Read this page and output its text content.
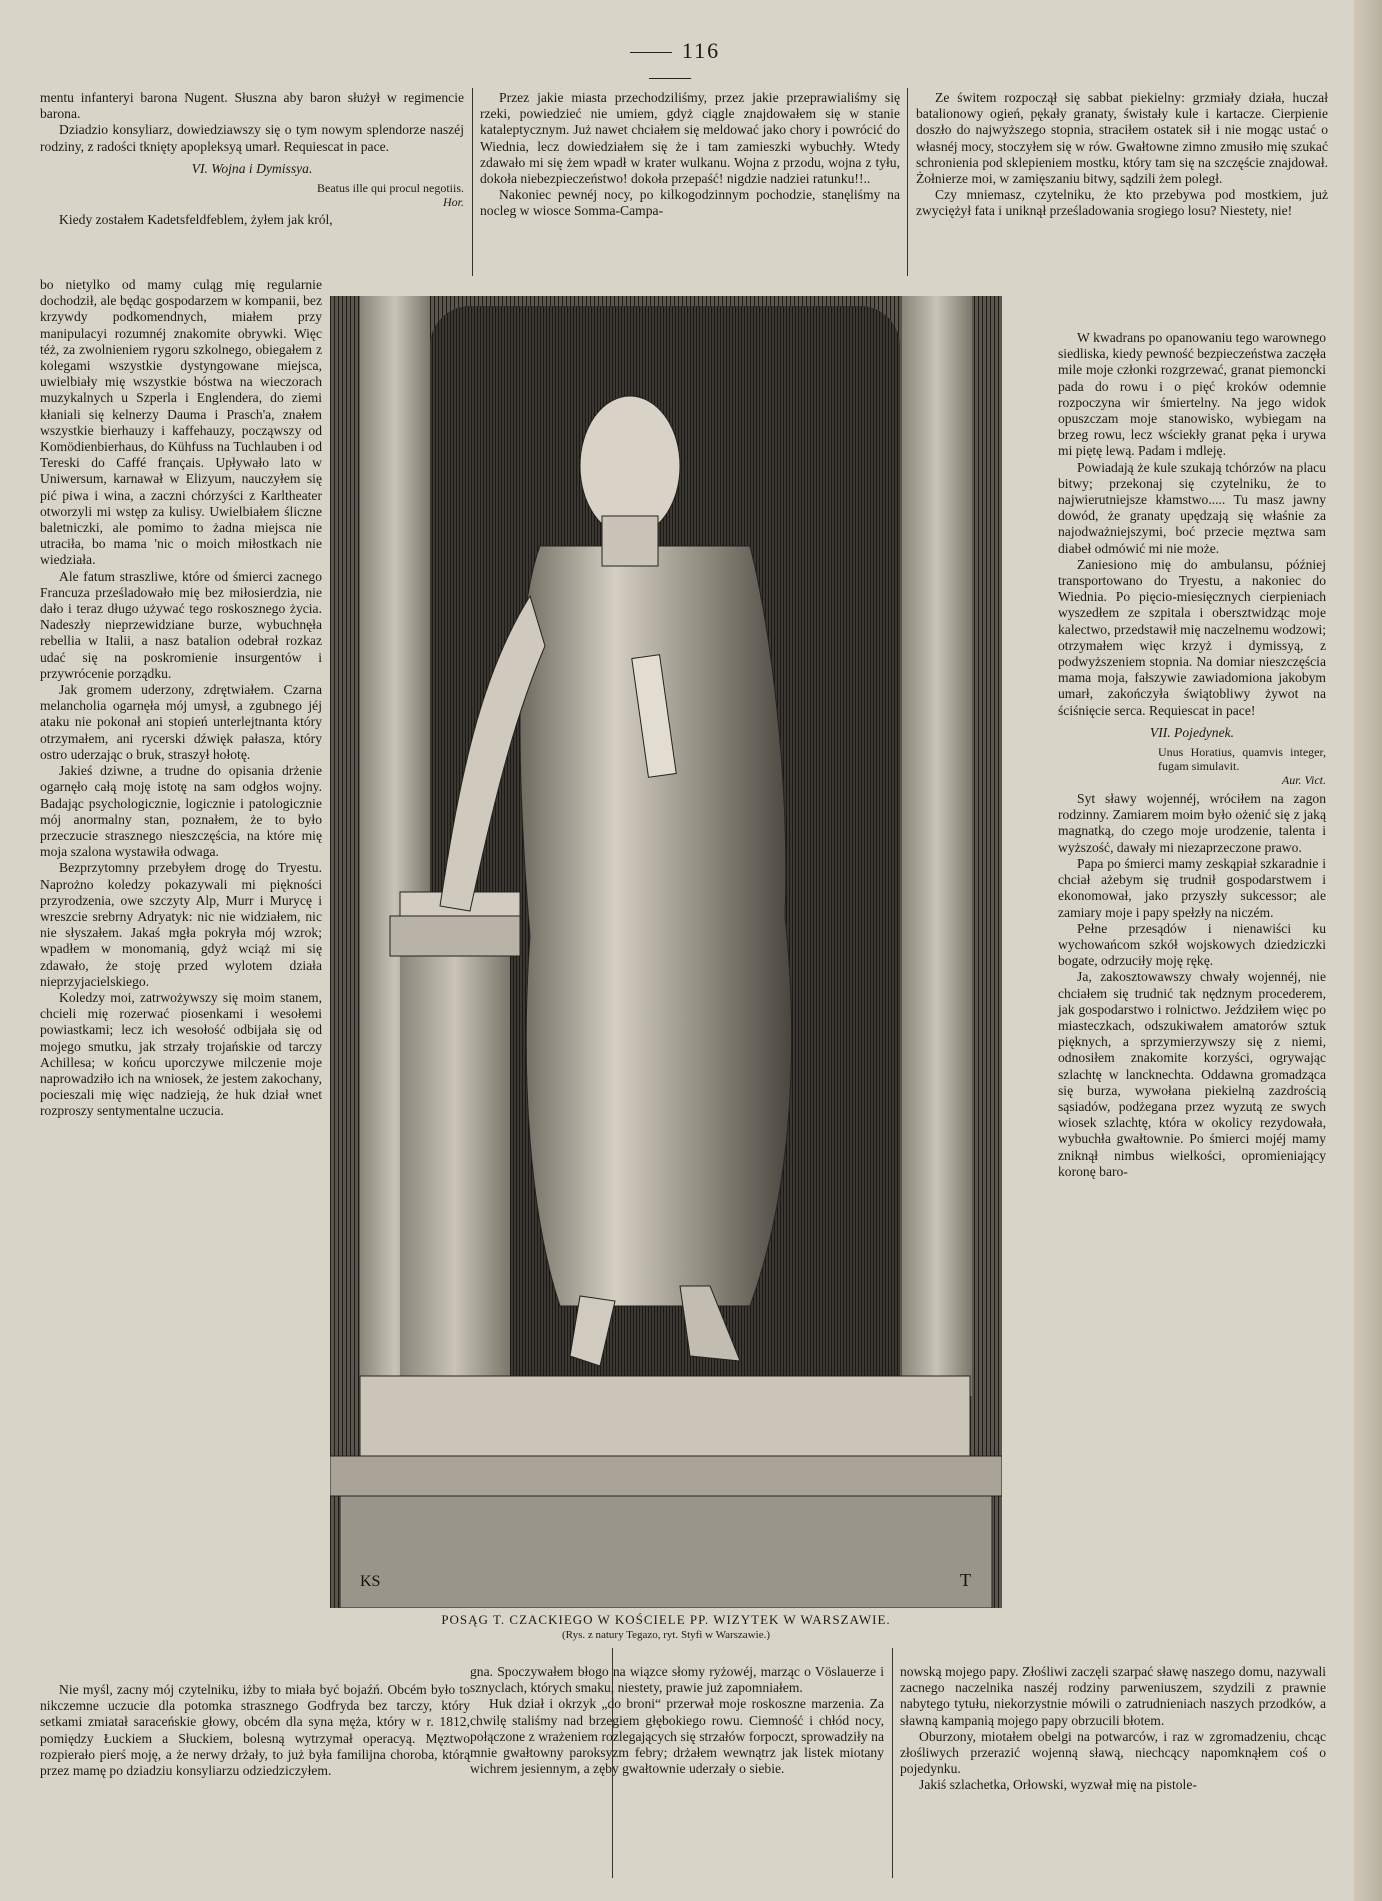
116

mentu infanteryi barona Nugent. Słuszna aby baron służył w regimencie barona.

Dziadzio konsyliarz, dowiedziawszy się o tym nowym splendorze naszéj rodziny, z radości tknięty apopleksyą umarł. Requiescat in pace.

VI. Wojna i Dymissya.
Beatus ille qui procul negotiis.
Hor.

Kiedy zostałem Kadetsfeldfeblem, żyłem jak król,

bo nietylko od mamy culąg mię regularnie dochodził, ale będąc gospodarzem w kompanii, bez krzywdy podkomendnych, miałem przy manipulacyi rozumnéj znakomite obrywki. Więc téż, za zwolnieniem rygoru szkolnego, obiegałem z kolegami wszystkie dystyngowane miejsca, uwielbiały mię wszystkie bóstwa na wieczorach muzykalnych u Szperla i Englendera, do ziemi kłaniali się kelnerzy Dauma i Prasch'a, znałem wszystkie bierhauzy i kaffehauzy, począwszy od Komödienbierhaus, do Kühfuss na Tuchlauben i od Tereski do Caffé français. Upływało lato w Uniwersum, karnawał w Elizyum, nauczyłem się pić piwa i wina, a zaczni chórzyści z Karltheater otworzyli mi wstęp za kulisy. Uwielbiałem śliczne baletniczki, ale pomimo to żadna miejsca nie utraciła, bo mama 'nic o moich miłostkach nie wiedziała.

Ale fatum straszliwe, które od śmierci zacnego Francuza prześladowało mię bez miłosierdzia, nie dało i teraz długo używać tego roskosznego życia. Nadeszły nieprzewidziane burze, wybuchnęła rebellia w Italii, a nasz batalion odebrał rozkaz udać się na poskromienie insurgentów i przywrócenie porządku.

Jak gromem uderzony, zdrętwiałem. Czarna melancholia ogarnęła mój umysł, a zgubnego jéj ataku nie pokonał ani stopień unterlejtnanta który otrzymałem, ani rycerski dźwięk pałasza, który ostro uderzając o bruk, straszył hołotę.

Jakieś dziwne, a trudne do opisania drżenie ogarnęło całą moję istotę na sam odgłos wojny. Badając psychologicznie, logicznie i patologicznie mój anormalny stan, poznałem, że to było przeczucie strasznego nieszczęścia, na które mię moja szalona wystawiła odwaga.

Bezprzytomny przebyłem drogę do Tryestu. Naprożno koledzy pokazywali mi piękności przyrodzenia, owe szczyty Alp, Murr i Murycę i wreszcie srebrny Adryatyk: nic nie widziałem, nic nie słyszałem. Jakaś mgła pokryła mój wzrok; wpadłem w monomanią, gdyż wciąż mi się zdawało, że stoję przed wylotem działa nieprzyjacielskiego.

Koledzy moi, zatrwożywszy się moim stanem, chcieli mię rozerwać piosenkami i wesołemi powiastkami; lecz ich wesołość odbijała się od mojego smutku, jak strzały trojańskie od tarczy Achillesa; w końcu uporczywe milczenie moje naprowadziło ich na wniosek, że jestem zakochany, pocieszali mię więc nadzieją, że huk dział wnet rozproszy sentymentalne uczucia.

Nie myśl, zacny mój czytelniku, iżby to miała być bojaźń. Obcém było to nikczemne uczucie dla potomka strasznego Godfryda bez tarczy, który setkami zmiatał saraceńskie głowy, obcém dla syna męża, który w r. 1812, pomiędzy Łuckiem a Słuckiem, bolesną wytrzymał operacyą. Męztwo rozpierało pierś moję, a że nerwy drżały, to już była familijna choroba, którą przez mamę po dziadziu konsyliarzu odziedziczyłem.

Przez jakie miasta przechodziliśmy, przez jakie przeprawialiśmy się rzeki, powiedzieć nie umiem, gdyż ciągle znajdowałem się w stanie kataleptycznym. Już nawet chciałem się meldować jako chory i powrócić do Wiednia, lecz dowiedziałem się że i tam zamieszki wybuchły. Wtedy zdawało mi się żem wpadł w krater wulkanu. Wojna z przodu, wojna z tyłu, dokoła niebezpieczeństwo! dokoła przepaść! nigdzie nadziei ratunku!!..

Nakoniec pewnéj nocy, po kilkogodzinnym pochodzie, stanęliśmy na nocleg w wiosce Somma-Campa-

Ze świtem rozpoczął się sabbat piekielny: grzmiały działa, huczał batalionowy ogień, pękały granaty, świstały kule i kartacze. Cierpienie doszło do najwyższego stopnia, straciłem ostatek sił i nie mogąc ustać o własnéj mocy, stoczyłem się w rów. Gwałtowne zimno zmusiło mię szukać schronienia pod sklepieniem mostku, który tam się na szczęście znajdował. Żołnierze moi, w zamięszaniu bitwy, sądzili żem poległ.

Czy mniemasz, czytelniku, że kto przebywa pod mostkiem, już zwyciężył fata i uniknął prześladowania srogiego losu? Niestety, nie!

W kwadrans po opanowaniu tego warownego siedliska, kiedy pewność bezpieczeństwa zaczęła mile moje członki rozgrzewać, granat piemoncki pada do rowu i o pięć kroków odemnie rozpoczyna wir śmiertelny. Na jego widok opuszczam moje stanowisko, wybiegam na brzeg rowu, lecz wściekły granat pęka i urywa mi piętę lewą. Padam i mdleję.

Powiadają że kule szukają tchórzów na placu bitwy; przekonaj się czytelniku, że to najwierutniejsze kłamstwo..... Tu masz jawny dowód, że granaty upędzają się właśnie za najodważniejszymi, boć przecie męztwa sam diabeł odmówić mi nie może.

Zaniesiono mię do ambulansu, później transportowano do Tryestu, a nakoniec do Wiednia. Po pięcio-miesięcznych cierpieniach wyszedłem ze szpitala i obersztwidząc moje kalectwo, przedstawił mię naczelnemu wodzowi; otrzymałem więc krzyż i dymissyą, z podwyższeniem stopnia. Na domiar nieszczęścia mama moja, fałszywie zawiadomiona jakobym umarł, zakończyła świątobliwy żywot na ściśnięcie serca. Requiescat in pace!

VII. Pojedynek.
Unus Horatius, quamvis integer, fugam simulavit.
Aur. Vict.

Syt sławy wojennéj, wróciłem na zagon rodzinny. Zamiarem moim było ożenić się z jaką magnatką, do czego moje urodzenie, talenta i wyższość, dawały mi niezaprzeczone prawo.

Papa po śmierci mamy zeskąpiał szkaradnie i chciał ażebym się trudnił gospodarstwem i ekonomował, jako przyszły sukcessor; ale zamiary moje i papy spełzły na niczém.

Pełne przesądów i nienawiści ku wychowańcom szkół wojskowych dziedziczki bogate, odrzuciły moję rękę.

Ja, zakosztowawszy chwały wojennéj, nie chciałem się trudnić tak nędznym procederem, jak gospodarstwo i rolnictwo. Jeździłem więc po miasteczkach, odszukiwałem amatorów sztuk pięknych, a sprzymierzywszy się z niemi, odnosiłem znakomite korzyści, ogrywając szlachtę w lancknechta. Oddawna gromadząca się burza, wywołana piekielną zazdrością sąsiadów, podżegana przez wyzutą ze swych wiosek szlachtę, która w okolicy rezydowała, wybuchła gwałtownie. Po śmierci mojéj mamy zniknął nimbus wielkości, opromieniający koronę baro-

gna. Spoczywałem błogo na wiązce słomy ryżowéj, marząc o Vöslauerze i sznyclach, których smaku, niestety, prawie już zapomniałem.

Huk dział i okrzyk „do broni“ przerwał moje roskoszne marzenia. Za chwilę staliśmy nad brzegiem głębokiego rowu. Ciemność i chłód nocy, połączone z wrażeniem rozlegających się strzałów forpoczt, sprowadziły na mnie gwałtowny paroksyzm febry; drżałem wewnątrz jak listek miotany wichrem jesiennym, a zęby gwałtownie uderzały o siebie.

nowską mojego papy. Złośliwi zaczęli szarpać sławę naszego domu, nazywali zacnego naczelnika naszéj rodziny parweniuszem, szydzili z prawnie nabytego tytułu, niekorzystnie mówili o zatrudnieniach naszych przodków, a sławną kampanią mojego papy obrzucili błotem.

Oburzony, miotałem obelgi na potwarców, i raz w zgromadzeniu, chcąc złośliwych przerazić wojenną sławą, niechcący napomknąłem coś o pojedynku.

Jakiś szlachetka, Orłowski, wyzwał mię na pistole-

KS	T
POSĄG T. CZACKIEGO W KOŚCIELE PP. WIZYTEK W WARSZAWIE.
(Rys. z natury Tegazo, ryt. Styfi w Warszawie.)
